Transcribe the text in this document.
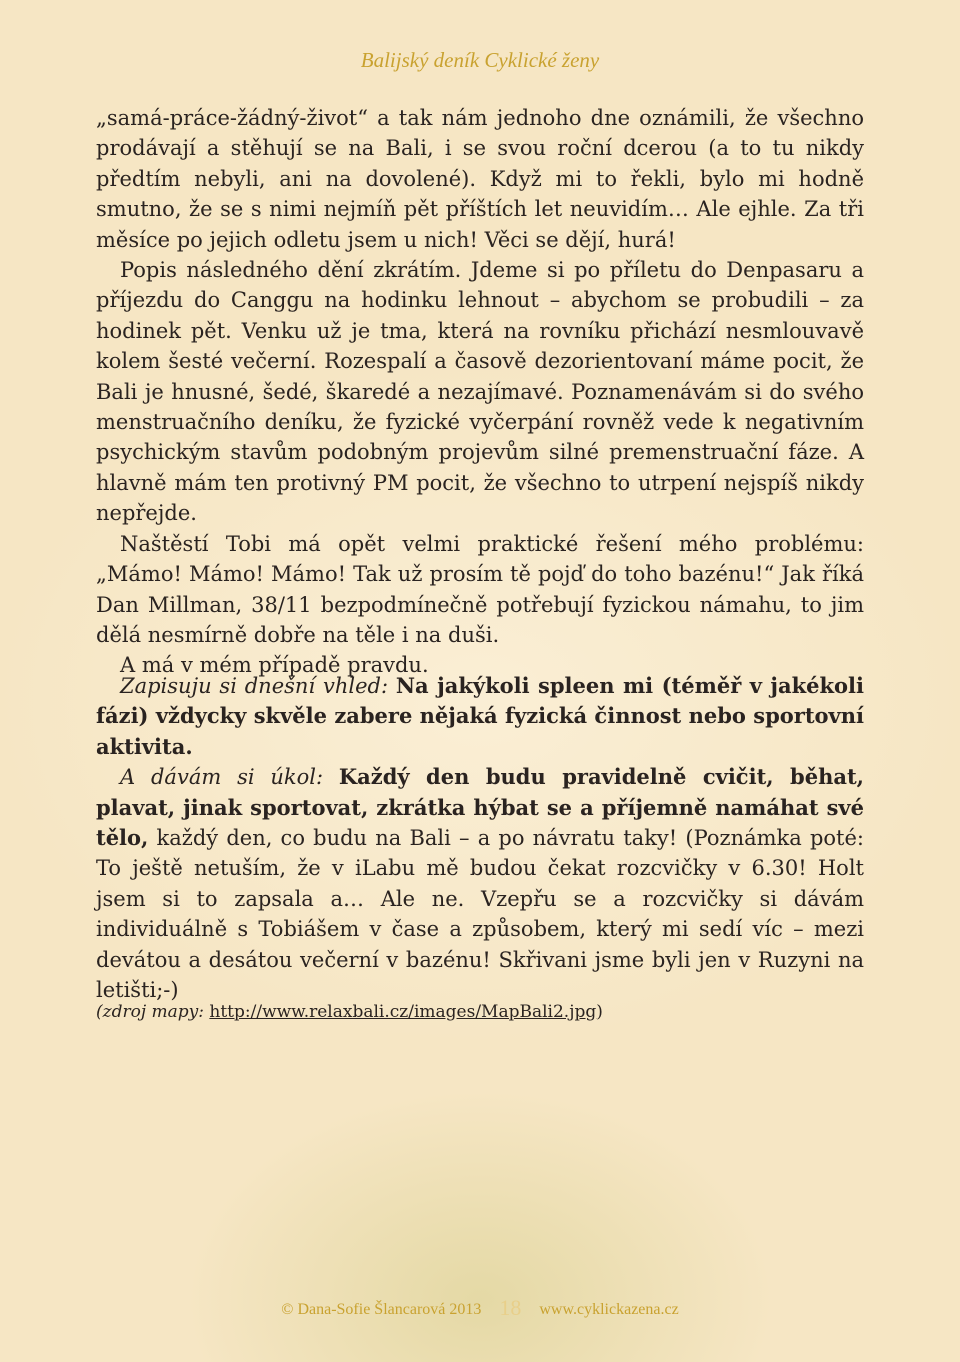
Balijský deník Cyklické ženy

„samá-práce-žádný-život“ a tak nám jednoho dne oznámili, že všechno prodávají a stěhují se na Bali, i se svou roční dcerou (a to tu nikdy předtím nebyli, ani na dovolené). Když mi to řekli, bylo mi hodně smutno, že se s nimi nejmíň pět příštích let neuvidím… Ale ejhle. Za tři měsíce po jejich odletu jsem u nich! Věci se dějí, hurá!

Popis následného dění zkrátím. Jdeme si po příletu do Denpasaru a příjezdu do Canggu na hodinku lehnout – abychom se probudili – za hodinek pět. Venku už je tma, která na rovníku přichází nesmlouvavě kolem šesté večerní. Rozespalí a časově dezorientovaní máme pocit, že Bali je hnusné, šedé, škaredé a nezajímavé. Poznamenávám si do svého menstruačního deníku, že fyzické vyčerpání rovněž vede k negativním psychickým stavům podobným projevům silné premenstruační fáze. A hlavně mám ten protivný PM pocit, že všechno to utrpení nejspíš nikdy nepřejde.

Naštěstí Tobi má opět velmi praktické řešení mého problému: „Mámo! Mámo! Mámo! Tak už prosím tě pojď do toho bazénu!“ Jak říká Dan Millman, 38/11 bezpodmínečně potřebují fyzickou námahu, to jim dělá nesmírně dobře na těle i na duši.

A má v mém případě pravdu.

Zapisuju si dnešní vhled: Na jakýkoli spleen mi (téměř v jakékoli fázi) vždycky skvěle zabere nějaká fyzická činnost nebo sportovní aktivita.

A dávám si úkol: Každý den budu pravidelně cvičit, běhat, plavat, jinak sportovat, zkrátka hýbat se a příjemně namáhat své tělo, každý den, co budu na Bali – a po návratu taky! (Poznámka poté: To ještě netuším, že v iLabu mě budou čekat rozcvičky v 6.30! Holt jsem si to zapsala a… Ale ne. Vzepřu se a rozcvičky si dávám individuálně s Tobiášem v čase a způsobem, který mi sedí víc – mezi devátou a desátou večerní v bazénu! Skřivani jsme byli jen v Ruzyni na letišti;-)

(zdroj mapy: http://www.relaxbali.cz/images/MapBali2.jpg)
© Dana-Sofie Šlancarová 2013 18 www.cyklickazena.cz
